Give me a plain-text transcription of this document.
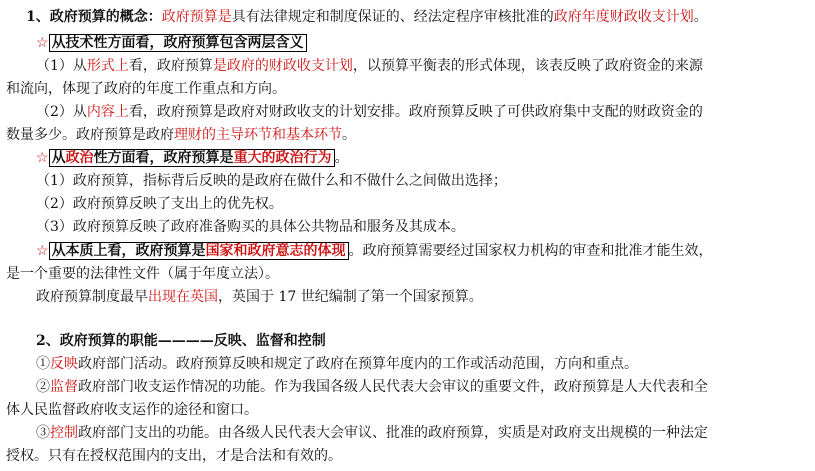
1、政府预算的概念：政府预算是具有法律规定和制度保证的、经法定程序审核批准的政府年度财政收支计划。
☆ 从技术性方面看，政府预算包含两层含义
（1）从形式上看，政府预算是政府的财政收支计划，以预算平衡表的形式体现，该表反映了政府资金的来源
和流向，体现了政府的年度工作重点和方向。
（2）从内容上看，政府预算是政府对财政收支的计划安排。政府预算反映了可供政府集中支配的财政资金的
数量多少。政府预算是政府理财的主导环节和基本环节。
☆ 从政治性方面看，政府预算是重大的政治行为 。
（1）政府预算，指标背后反映的是政府在做什么和不做什么之间做出选择；
（2）政府预算反映了支出上的优先权。
（3）政府预算反映了政府准备购买的具体公共物品和服务及其成本。
☆ 从本质上看，政府预算是国家和政府意志的体现 。政府预算需要经过国家权力机构的审查和批准才能生效，
是一个重要的法律性文件（属于年度立法）。
政府预算制度最早出现在英国，英国于 17 世纪编制了第一个国家预算。
2、政府预算的职能————反映、监督和控制
①反映政府部门活动。政府预算反映和规定了政府在预算年度内的工作或活动范围，方向和重点。
②监督政府部门收支运作情况的功能。作为我国各级人民代表大会审议的重要文件，政府预算是人大代表和全
体人民监督政府收支运作的途径和窗口。
③控制政府部门支出的功能。由各级人民代表大会审议、批准的政府预算，实质是对政府支出规模的一种法定
授权。只有在授权范围内的支出，才是合法和有效的。
